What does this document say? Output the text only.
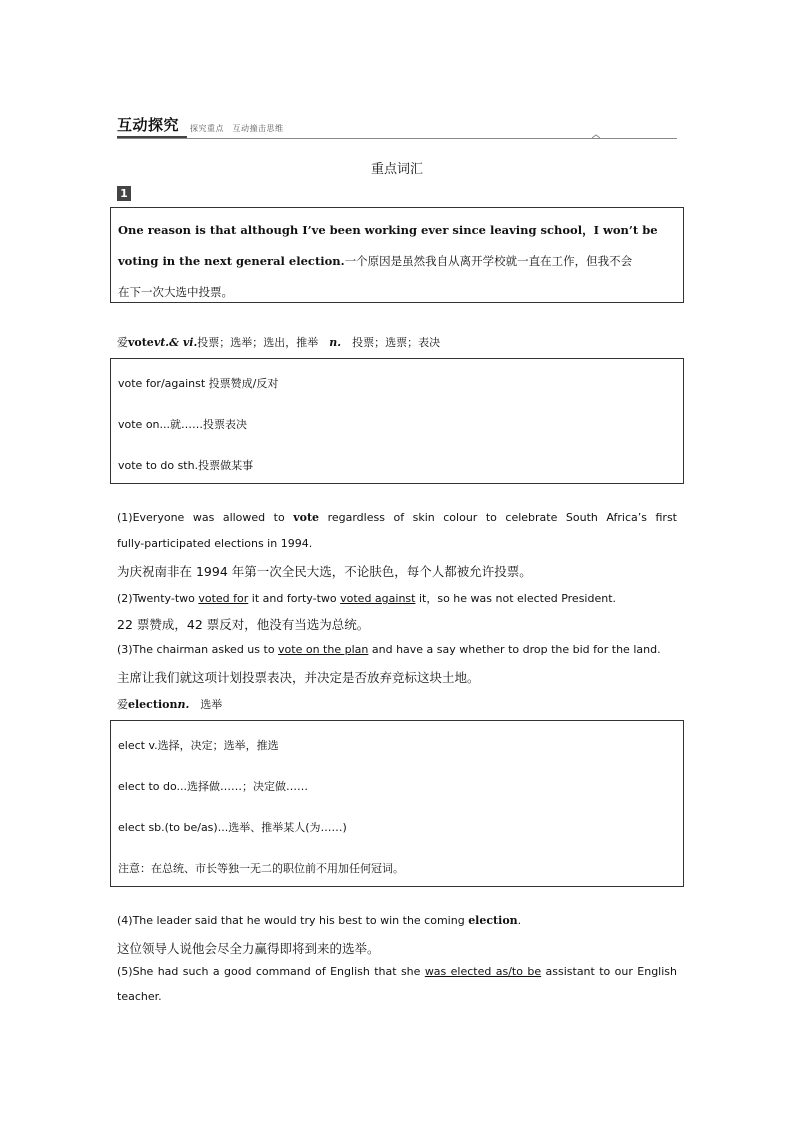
互动探究 探究重点　互动撞击思维
重点词汇
1
One reason is that although I’ve been working ever since leaving school，I won’t be
voting in the next general election.一个原因是虽然我自从离开学校就一直在工作，但我不会
在下一次大选中投票。
爱votevt.& vi.投票；选举；选出，推举　 n.　 投票；选票；表决
vote for/against 投票赞成/反对
vote on...就……投票表决
vote to do sth.投票做某事
(1)Everyone was allowed to vote regardless of skin colour to celebrate South Africa’s first
fully-participated elections in 1994.
为庆祝南非在 1994 年第一次全民大选，不论肤色，每个人都被允许投票。
(2)Twenty-two voted for it and forty-two voted against it，so he was not elected President.
22 票赞成，42 票反对，他没有当选为总统。
(3)The chairman asked us to vote on the plan and have a say whether to drop the bid for the land.
主席让我们就这项计划投票表决，并决定是否放弃竞标这块土地。
爱electionn.　 选举
elect v.选择，决定；选举，推选
elect to do...选择做……；决定做……
elect sb.(to be/as)...选举、推举某人(为……)
注意：在总统、市长等独一无二的职位前不用加任何冠词。
(4)The leader said that he would try his best to win the coming election.
这位领导人说他会尽全力赢得即将到来的选举。
(5)She had such a good command of English that she was elected as/to be assistant to our English
teacher.
